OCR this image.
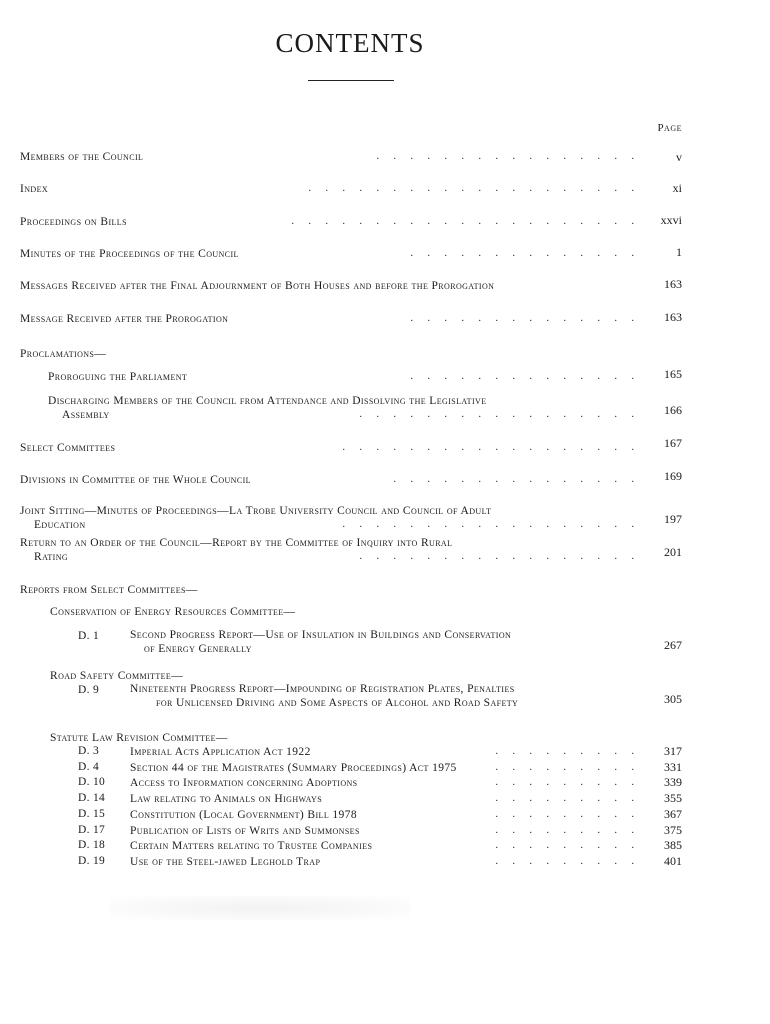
CONTENTS
Page
Members of the Council	. . . . . . . . . . . . . . . .	v
Index	. . . . . . . . . . . . . . . . . . . .	xi
Proceedings on Bills	. . . . . . . . . . . . . . . . . . . . .	xxvi
Minutes of the Proceedings of the Council	. . . . . . . . . . . . . .	1
Messages Received after the Final Adjournment of Both Houses and before the Prorogation	163
Message Received after the Prorogation	. . . . . . . . . . . . . .	163
Proclamations—
Proroguing the Parliament	. . . . . . . . . . . . . .	165
Discharging Members of the Council from Attendance and Dissolving the Legislative
Assembly	. . . . . . . . . . . . . . . . .	166
Select Committees	. . . . . . . . . . . . . . . . . .	167
Divisions in Committee of the Whole Council	. . . . . . . . . . . . . . .	169
Joint Sitting—Minutes of Proceedings—La Trobe University Council and Council of Adult
Education	. . . . . . . . . . . . . . . . . .	197
Return to an Order of the Council—Report by the Committee of Inquiry into Rural
Rating	. . . . . . . . . . . . . . . . .	201
Reports from Select Committees—
Conservation of Energy Resources Committee—
D. 1	Second Progress Report—Use of Insulation in Buildings and Conservation
of Energy Generally	267
Road Safety Committee—
D. 9	Nineteenth Progress Report—Impounding of Registration Plates, Penalties
for Unlicensed Driving and Some Aspects of Alcohol and Road Safety	305
Statute Law Revision Committee—
D. 3	Imperial Acts Application Act 1922	. . . . . . . . .	317
D. 4	Section 44 of the Magistrates (Summary Proceedings) Act 1975	. . . . . . . . .	331
D. 10	Access to Information concerning Adoptions	. . . . . . . . .	339
D. 14	Law relating to Animals on Highways	. . . . . . . . .	355
D. 15	Constitution (Local Government) Bill 1978	. . . . . . . . .	367
D. 17	Publication of Lists of Writs and Summonses	. . . . . . . . .	375
D. 18	Certain Matters relating to Trustee Companies	. . . . . . . . .	385
D. 19	Use of the Steel-jawed Leghold Trap	. . . . . . . . .	401
